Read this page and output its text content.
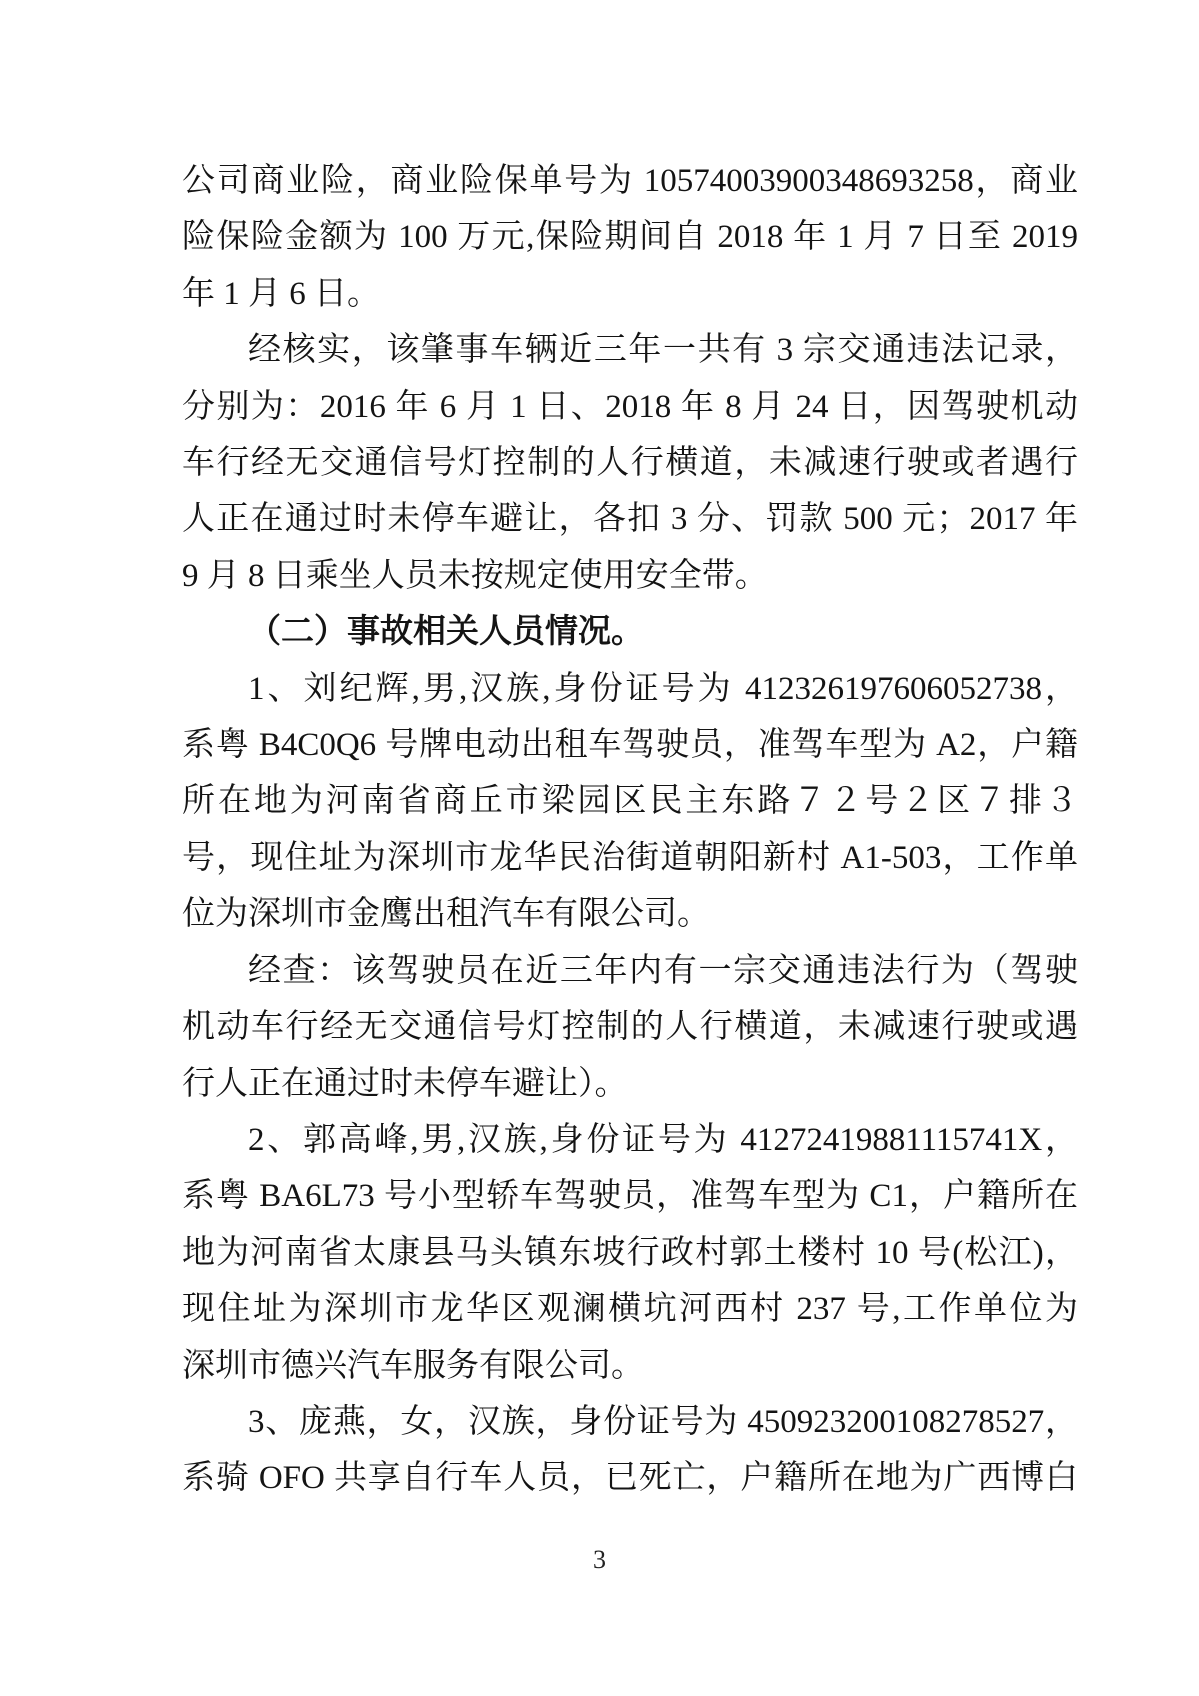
公司商业险，商业险保单号为 10574003900348693258，商业
险保险金额为 100 万元,保险期间自 2018 年 1 月 7 日至 2019
年 1 月 6 日。
经核实，该肇事车辆近三年一共有 3 宗交通违法记录，
分别为：2016 年 6 月 1 日、2018 年 8 月 24 日，因驾驶机动
车行经无交通信号灯控制的人行横道，未减速行驶或者遇行
人正在通过时未停车避让，各扣 3 分、罚款 500 元；2017 年
9 月 8 日乘坐人员未按规定使用安全带。
（二）事故相关人员情况。
1、刘纪辉,男,汉族,身份证号为 412326197606052738，
系粤 B4C0Q6 号牌电动出租车驾驶员，准驾车型为 A2，户籍
所在地为河南省商丘市梁园区民主东路７２号２区７排３
号，现住址为深圳市龙华民治街道朝阳新村 A1-503，工作单
位为深圳市金鹰出租汽车有限公司。
经查：该驾驶员在近三年内有一宗交通违法行为（驾驶
机动车行经无交通信号灯控制的人行横道，未减速行驶或遇
行人正在通过时未停车避让）。
2、郭高峰,男,汉族,身份证号为 41272419881115741X，
系粤 BA6L73 号小型轿车驾驶员，准驾车型为 C1，户籍所在
地为河南省太康县马头镇东坡行政村郭土楼村 10 号(松江)，
现住址为深圳市龙华区观澜横坑河西村 237 号,工作单位为
深圳市德兴汽车服务有限公司。
3、庞燕，女，汉族，身份证号为 450923200108278527，
系骑 OFO 共享自行车人员，已死亡，户籍所在地为广西博白
3
